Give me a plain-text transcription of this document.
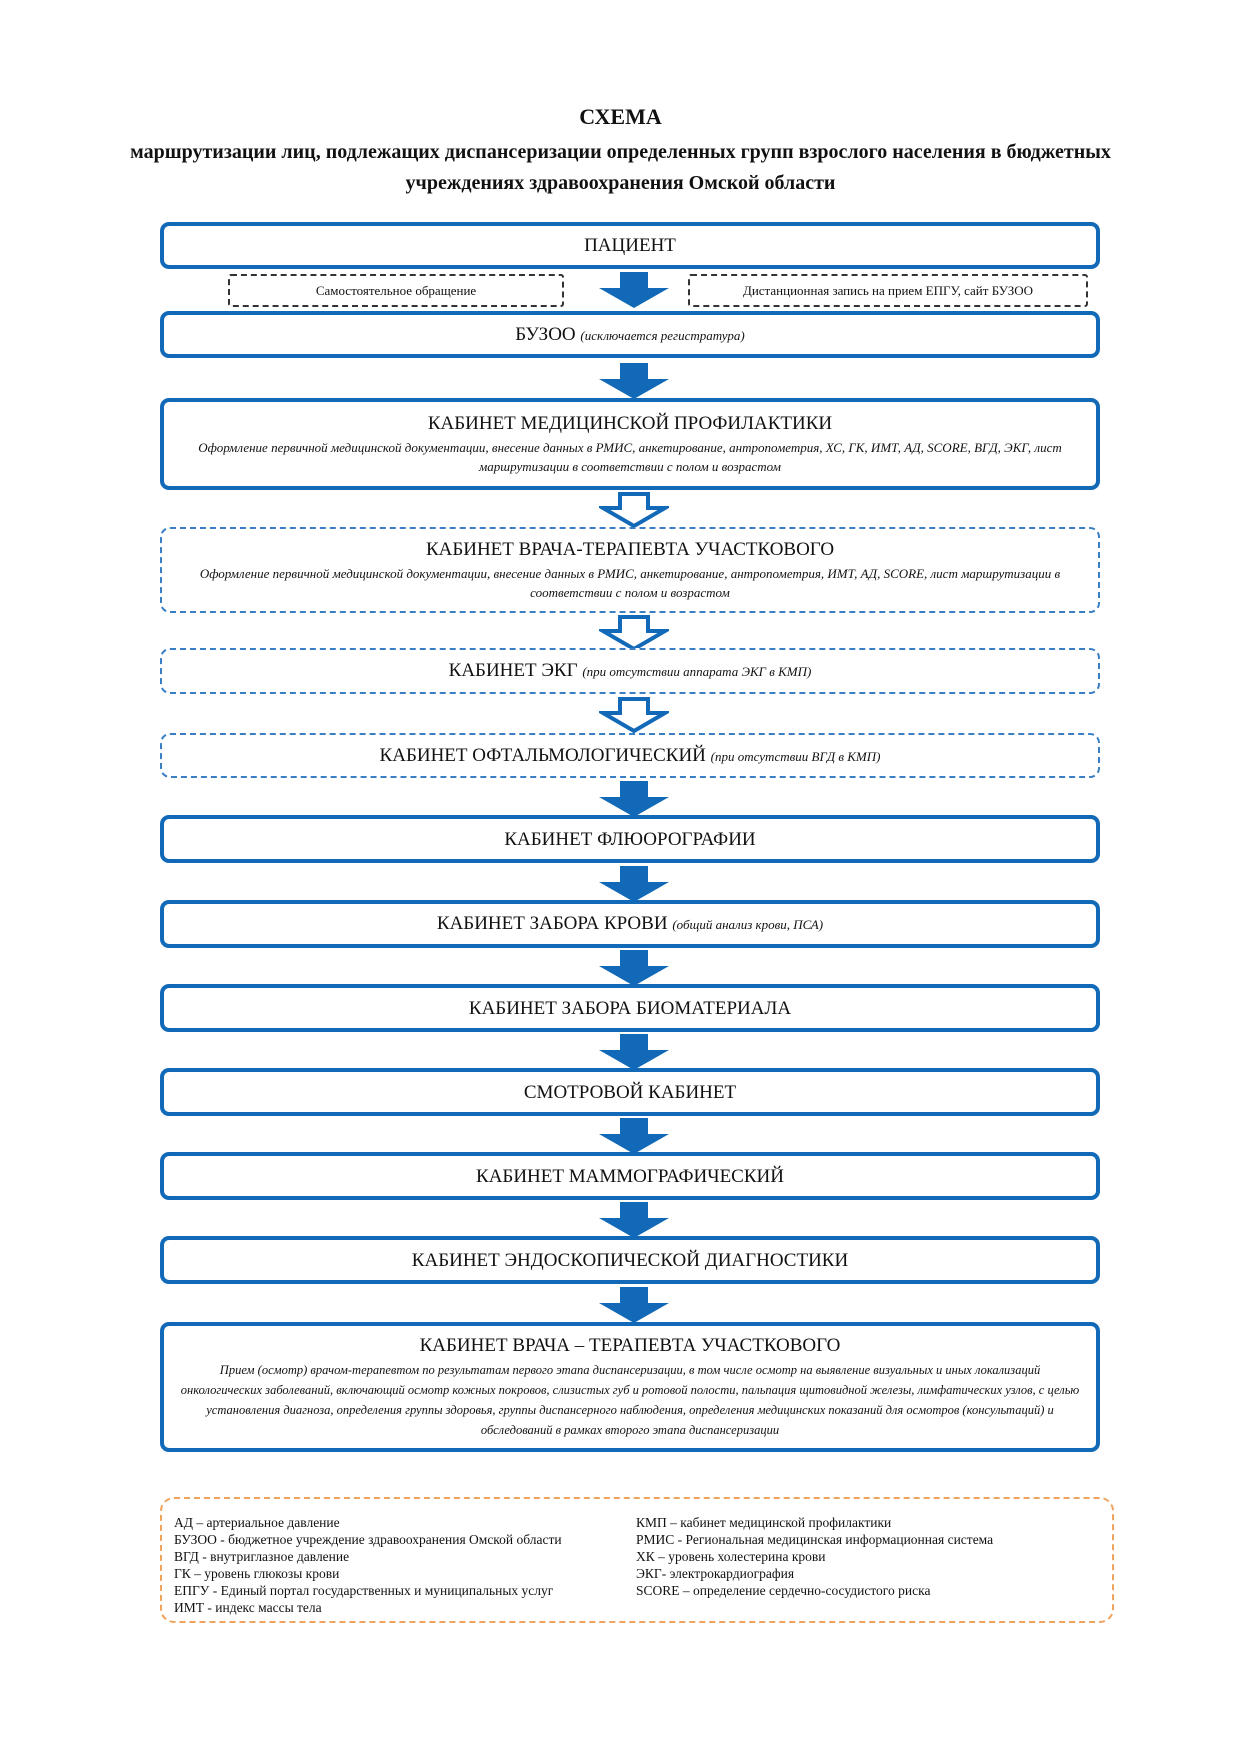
СХЕМА

маршрутизации лиц, подлежащих диспансеризации определенных групп взрослого населения в бюджетных учреждениях здравоохранения Омской области

ПАЦИЕНТ
Самостоятельное обращение	Дистанционная запись на прием ЕПГУ, сайт БУЗОО
БУЗОО (исключается регистратура)
КАБИНЕТ МЕДИЦИНСКОЙ ПРОФИЛАКТИКИ
Оформление первичной медицинской документации, внесение данных в РМИС, анкетирование, антропометрия, ХС, ГК, ИМТ, АД, SCORE, ВГД, ЭКГ, лист маршрутизации в соответствии с полом и возрастом
КАБИНЕТ ВРАЧА-ТЕРАПЕВТА УЧАСТКОВОГО
Оформление первичной медицинской документации, внесение данных в РМИС, анкетирование, антропометрия, ИМТ, АД, SCORE, лист маршрутизации в соответствии с полом и возрастом
КАБИНЕТ ЭКГ (при отсутствии аппарата ЭКГ в КМП)
КАБИНЕТ ОФТАЛЬМОЛОГИЧЕСКИЙ (при отсутствии ВГД в КМП)
КАБИНЕТ ФЛЮОРОГРАФИИ
КАБИНЕТ ЗАБОРА КРОВИ (общий анализ крови, ПСА)
КАБИНЕТ ЗАБОРА БИОМАТЕРИАЛА
СМОТРОВОЙ КАБИНЕТ
КАБИНЕТ МАММОГРАФИЧЕСКИЙ
КАБИНЕТ ЭНДОСКОПИЧЕСКОЙ ДИАГНОСТИКИ
КАБИНЕТ ВРАЧА – ТЕРАПЕВТА УЧАСТКОВОГО
Прием (осмотр) врачом-терапевтом по результатам первого этапа диспансеризации, в том числе осмотр на выявление визуальных и иных локализаций онкологических заболеваний, включающий осмотр кожных покровов, слизистых губ и ротовой полости, пальпация щитовидной железы, лимфатических узлов, с целью установления диагноза, определения группы здоровья, группы диспансерного наблюдения, определения медицинских показаний для осмотров (консультаций) и обследований в рамках второго этапа диспансеризации
АД – артериальное давление
БУЗОО - бюджетное учреждение здравоохранения Омской области
ВГД - внутриглазное давление
ГК – уровень глюкозы крови
ЕПГУ - Единый портал государственных и муниципальных услуг
ИМТ - индекс массы тела
КМП – кабинет медицинской профилактики
РМИС - Региональная медицинская информационная система
ХК – уровень холестерина крови
ЭКГ- электрокардиография
SCORE – определение сердечно-сосудистого риска
